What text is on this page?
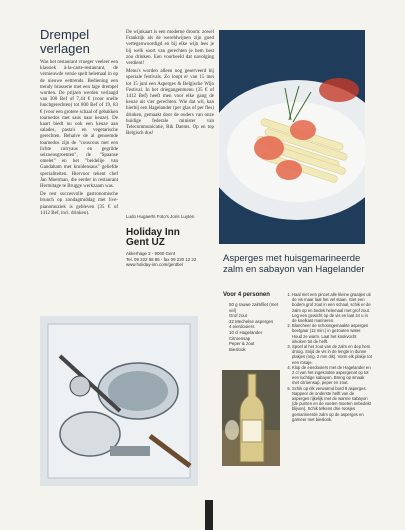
Drempel verlagen

Was het restaurant vroeger veeleer een klassiek à-la-carte-restaurant, de vernieuwde versie spelt helemaal in op de nieuwe eettrends. Bediening een trendy brasserie met een lage drempel worden. De prijzen werden verlaagd van 300 Bef of 7,44 € (voor snelle lunchgerechten) tot 800 Bef of 19, 83 € (voor een grotere schaal of gebakken toarnedos met saus naar keuze). De kaart biedt nu ook een keuze aan salades, pasta's en vegetarische gerechten. Behalve de al genoemde toarnedos zijn de "couscous met een lichte curryaus en gegrilde seizoensgroenten", de "Spaanse omelet" en het "beidelije van Gandaham met kruidensaus" geliefde specialiteiten. Hiervoor tekent chef Jan Moerman, die eerder in restaurant Hermitage te Brugge werkzaam was.

De rest succesvolle gastronomische brunch op zondagmiddag met live-pianomuziek is gebleven (35 € of 1412 Bef, incl. drinken).

De wijnkaart is een moderne droom: zowel Frankrijk als de wereldwijnen zijn goed vertegenwoordigd en bij elke wijn lees je bij welk soort van gerechten je hem best zou drinken. Een voorbeeld dat navolging verdient!

Menu's worden alleen nog geserveerd bij speciale festivals. Zo loopt er van 15 mei tot 15 juni een Asperges & Belgische Wijn Festival. In het driegangenmenu (35 € of 1412 Bef) heeft men voor elke gang de keuze uit vier gerechten. Wie dat wil, kan hierbij een Hagelander (per glas of per fles) drinken, gemaakt door de ouders van onze huidige federale minister van Telecommunicatie, Rik Daems. Op en top Belgisch dus!

Ludo Hugaerts Foto's Joris Luyten
Holiday Inn
Gent UZ
Akkerhage 2 - 9000 Gent
Tel. 09 222 58 85 - fax 09 220 12 22
www.holiday-inn.com/gentbel
Asperges met huisgemarineerde zalm en sabayon van Hagelander
Voor 4 personen
50 g rauwe zalmfilet (met vel)
Grof zout
32 Mechelse asperges
4 eierdooiers
10 cl Hagelander
Citroensap
Peper & zout
Bieslook
1. Haal met een pincet alle kleine graatjes uit de vis maar laat het vel staan. Giet een bodem grof zout in een schaal, schik er de zalm op en bedek helemaal met grof zout. Leg een gewicht op de vis en laat 24 u in de koelkast marineren.
2. Blancheer de schoongemaakte asperges beetgaar (12 min.) in gezouten water. Houd ze warm. Laat het kookvocht inkoken tot de helft.
3. Spoel al het zout van de zalm en dep hem droog. Snijd de vis in de lengte in dunne plakjes (ong. 2 mm dik). Vorm elk plakje tot een rosaje.
4. Klop de eierdooiers met de Hagelander en 2 cl van het ingekookte aspergenat op tot een luchtige sabayon. Breng op smaak met citroensap, peper en zout.
5. Schik op elk verwarmd bord 8 asperges. Nappeer de onderste helft van de asperges rijkelijk met de warme sabayon (de punten en de voeten moeten onbedekt blijven). Schik telkens drie roosjes gemarineerde zalm op de asperges en garneer met bieslook.
